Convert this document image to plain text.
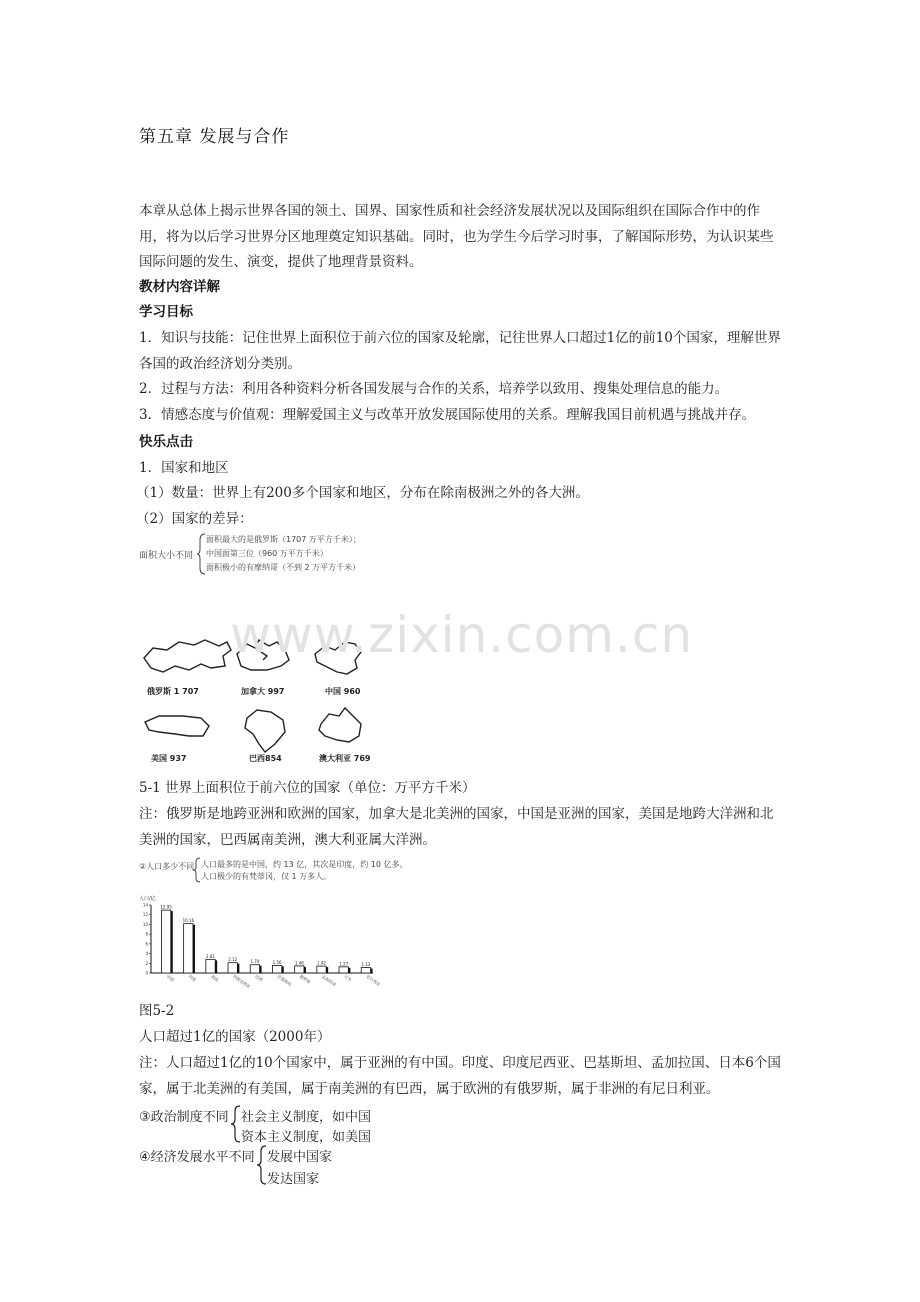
第五章 发展与合作
本章从总体上揭示世界各国的领土、国界、国家性质和社会经济发展状况以及国际组织在国际合作中的作用，将为以后学习世界分区地理奠定知识基础。同时，也为学生今后学习时事，了解国际形势，为认识某些国际问题的发生、演变，提供了地理背景资料。
教材内容详解
学习目标
1．知识与技能：记住世界上面积位于前六位的国家及轮廓，记往世界人口超过1亿的前10个国家，理解世界各国的政治经济划分类别。
2．过程与方法：利用各种资料分析各国发展与合作的关系，培养学以致用、搜集处理信息的能力。
3．情感态度与价值观：理解爱国主义与改革开放发展国际使用的关系。理解我国目前机遇与挑战并存。
快乐点击
1．国家和地区
（1）数量：世界上有200多个国家和地区，分布在除南极洲之外的各大洲。
（2）国家的差异：
面积大小不同
面积最大的是俄罗斯（1707 万平方千米）；
中国面第三位（960 万平方千米）
面积极小的有摩纳哥（不到 2 万平方千米）
俄罗斯 1 707	加拿大 997	中国 960
美国 937	巴西854	澳大利亚 769
5-1 世界上面积位于前六位的国家（单位：万平方千米）
注：俄罗斯是地跨亚洲和欧洲的国家，加拿大是北美洲的国家，中国是亚洲的国家，美国是地跨大洋洲和北美洲的国家，巴西属南美洲，澳大利亚属大洋洲。
②人口多少不同 人口最多的是中国，约 13 亿，其次是印度，约 10 亿多。
人口极少的有梵蒂冈，仅 1 万多人。
人口/亿
0
2
4
6
8
10
12
14	12.95
中国
10.16
印度
2.81
美国
2.12
印度尼西亚
1.70
巴西
1.56
巴基斯坦
1.46
俄罗斯
1.42
孟加拉国
1.27
日本
1.13
尼日利亚
图5-2
人口超过1亿的国家（2000年）
注：人口超过1亿的10个国家中，属于亚洲的有中国。印度、印度尼西亚、巴基斯坦、孟加拉国、日本6个国家，属于北美洲的有美国，属于南美洲的有巴西，属于欧洲的有俄罗斯，属于非洲的有尼日利亚。
③政治制度不同 社会主义制度，如中国
资本主义制度，如美国
④经济发展水平不同 发展中国家
发达国家
www.zixin.com.cn
